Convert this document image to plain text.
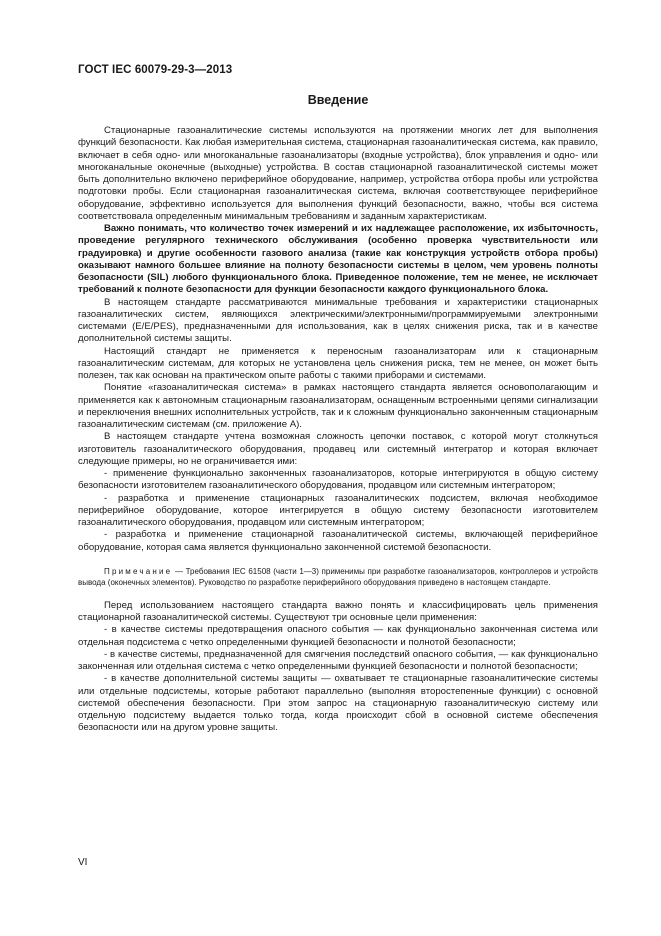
ГОСТ IEC 60079-29-3—2013
Введение

Стационарные газоаналитические системы используются на протяжении многих лет для выполнения функций безопасности. Как любая измерительная система, стационарная газоаналитическая система, как правило, включает в себя одно- или многоканальные газоанализаторы (входные устройства), блок управления и одно- или многоканальные оконечные (выходные) устройства. В состав стационарной газоаналитической системы может быть дополнительно включено периферийное оборудование, например, устройства отбора пробы или устройства подготовки пробы. Если стационарная газоаналитическая система, включая соответствующее периферийное оборудование, эффективно используется для выполнения функций безопасности, важно, чтобы вся система соответствовала определенным минимальным требованиям и заданным характеристикам.

Важно понимать, что количество точек измерений и их надлежащее расположение, их избыточность, проведение регулярного технического обслуживания (особенно проверка чувствительности или градуировка) и другие особенности газового анализа (такие как конструкция устройств отбора пробы) оказывают намного большее влияние на полноту безопасности системы в целом, чем уровень полноты безопасности (SIL) любого функционального блока. Приведенное положение, тем не менее, не исключает требований к полноте безопасности для функции безопасности каждого функционального блока.

В настоящем стандарте рассматриваются минимальные требования и характеристики стационарных газоаналитических систем, являющихся электрическими/электронными/программируемыми электронными системами (E/E/PES), предназначенными для использования, как в целях снижения риска, так и в качестве дополнительной системы защиты.

Настоящий стандарт не применяется к переносным газоанализаторам или к стационарным газоаналитическим системам, для которых не установлена цель снижения риска, тем не менее, он может быть полезен, так как основан на практическом опыте работы с такими приборами и системами.

Понятие «газоаналитическая система» в рамках настоящего стандарта является основополагающим и применяется как к автономным стационарным газоанализаторам, оснащенным встроенными цепями сигнализации и переключения внешних исполнительных устройств, так и к сложным функционально законченным стационарным газоаналитическим системам (см. приложение А).

В настоящем стандарте учтена возможная сложность цепочки поставок, с которой могут столкнуться изготовитель газоаналитического оборудования, продавец или системный интегратор и которая включает следующие примеры, но не ограничивается ими:

- применение функционально законченных газоанализаторов, которые интегрируются в общую систему безопасности изготовителем газоаналитического оборудования, продавцом или системным интегратором;

- разработка и применение стационарных газоаналитических подсистем, включая необходимое периферийное оборудование, которое интегрируется в общую систему безопасности изготовителем газоаналитического оборудования, продавцом или системным интегратором;

- разработка и применение стационарной газоаналитической системы, включающей периферийное оборудование, которая сама является функционально законченной системой безопасности.

Примечание — Требования IEC 61508 (части 1—3) применимы при разработке газоанализаторов, контроллеров и устройств вывода (оконечных элементов). Руководство по разработке периферийного оборудования приведено в настоящем стандарте.

Перед использованием настоящего стандарта важно понять и классифицировать цель применения стационарной газоаналитической системы. Существуют три основные цели применения:

- в качестве системы предотвращения опасного события — как функционально законченная система или отдельная подсистема с четко определенными функцией безопасности и полнотой безопасности;

- в качестве системы, предназначенной для смягчения последствий опасного события, — как функционально законченная или отдельная система с четко определенными функцией безопасности и полнотой безопасности;

- в качестве дополнительной системы защиты — охватывает те стационарные газоаналитические системы или отдельные подсистемы, которые работают параллельно (выполняя второстепенные функции) с основной системой обеспечения безопасности. При этом запрос на стационарную газоаналитическую систему или отдельную подсистему выдается только тогда, когда происходит сбой в основной системе обеспечения безопасности или на другом уровне защиты.

VI
